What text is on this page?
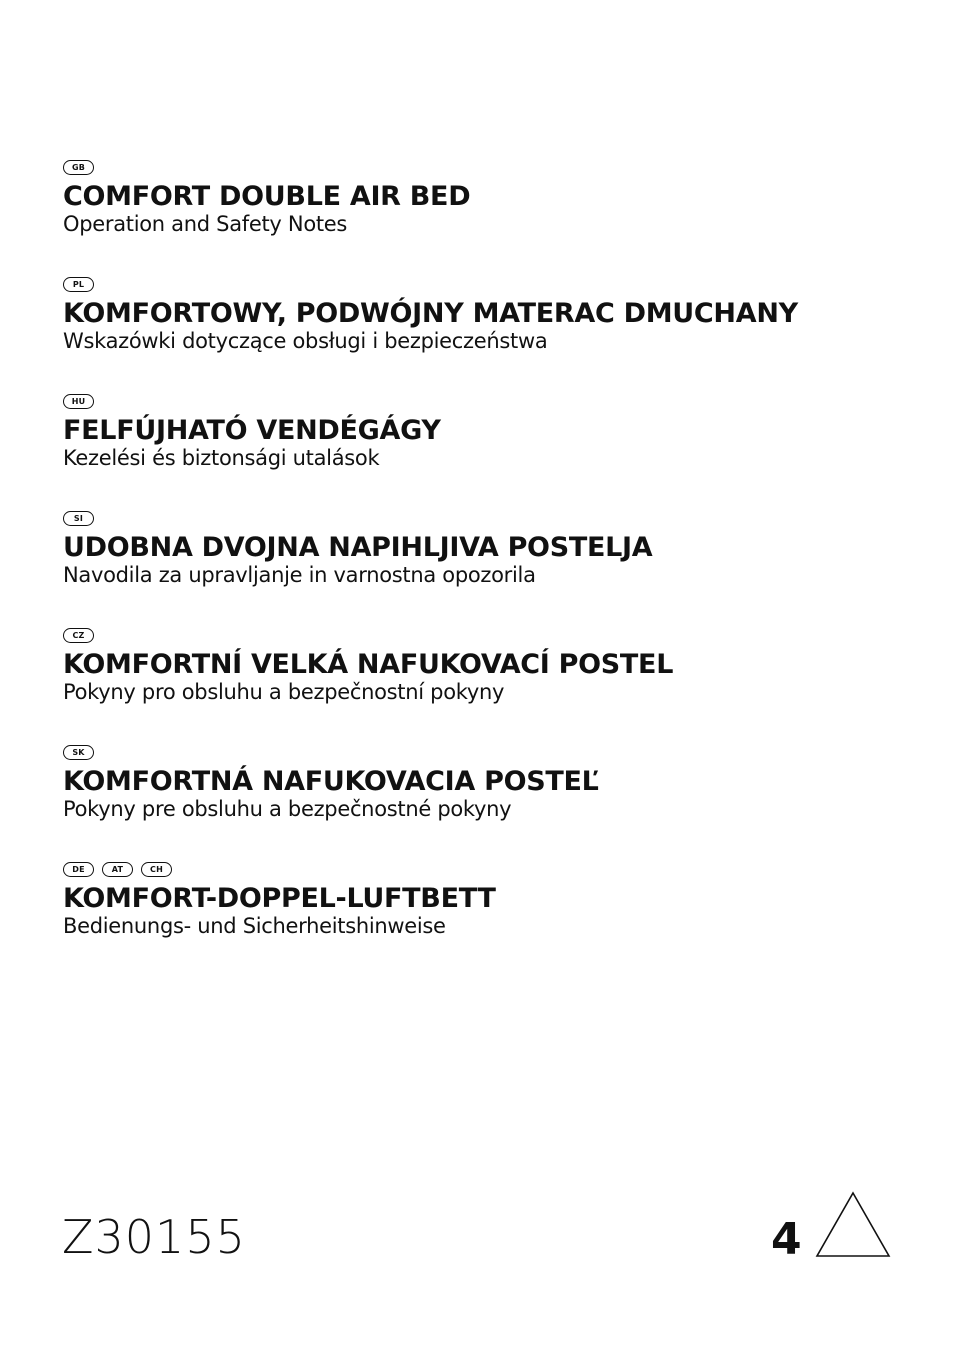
GB
COMFORT DOUBLE AIR BED
Operation and Safety Notes
PL
KOMFORTOWY, PODWÓJNY MATERAC DMUCHANY
Wskazówki dotyczące obsługi i bezpieczeństwa
HU
FELFÚJHATÓ VENDÉGÁGY
Kezelési és biztonsági utalások
SI
UDOBNA DVOJNA NAPIHLJIVA POSTELJA
Navodila za upravljanje in varnostna opozorila
CZ
KOMFORTNÍ VELKÁ NAFUKOVACÍ POSTEL
Pokyny pro obsluhu a bezpečnostní pokyny
SK
KOMFORTNÁ NAFUKOVACIA POSTEĽ
Pokyny pre obsluhu a bezpečnostné pokyny
DE	AT	CH
KOMFORT-DOPPEL-LUFTBETT
Bedienungs- und Sicherheitshinweise
Z30155	4
